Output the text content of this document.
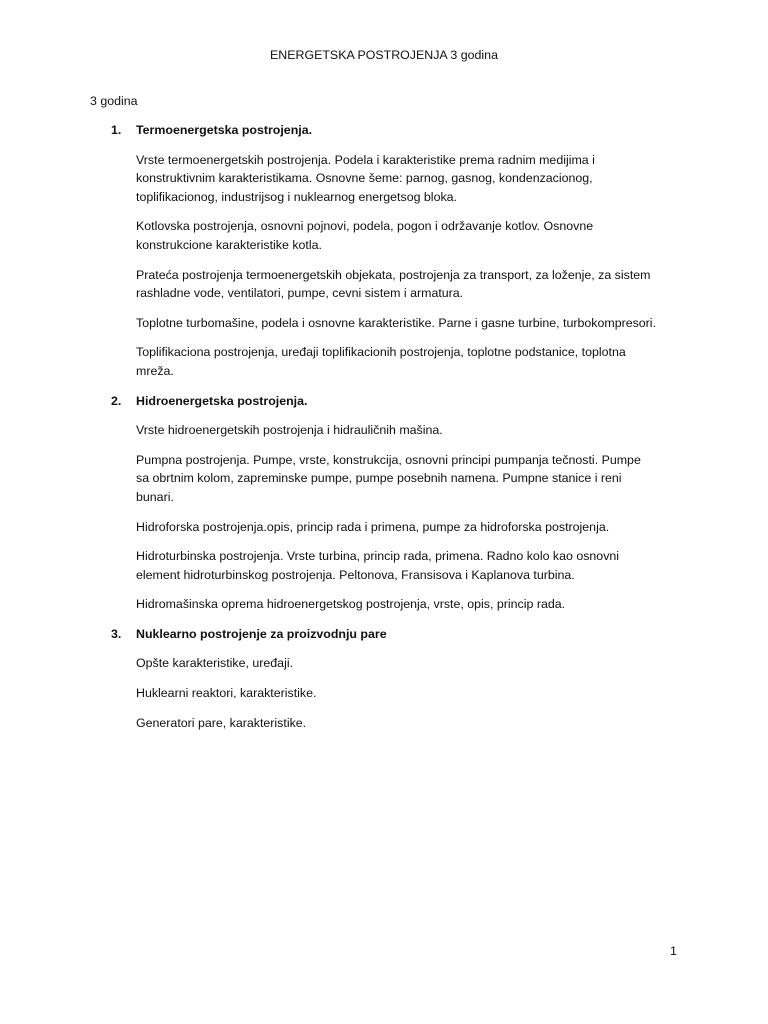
ENERGETSKA POSTROJENJA 3 godina
3 godina
1. Termoenergetska postrojenja.

Vrste termoenergetskih postrojenja. Podela i karakteristike prema radnim medijima i konstruktivnim karakteristikama. Osnovne šeme: parnog, gasnog, kondenzacionog, toplifikacionog, industrijsog i nuklearnog energetsog bloka.

Kotlovska postrojenja, osnovni pojnovi, podela, pogon i održavanje kotlov. Osnovne konstrukcione karakteristike kotla.

Prateća postrojenja termoenergetskih objekata, postrojenja za transport, za loženje, za sistem rashladne vode, ventilatori, pumpe, cevni sistem i armatura.

Toplotne turbomašine, podela i osnovne karakteristike. Parne i gasne turbine, turbokompresori.

Toplifikaciona postrojenja, uređaji toplifikacionih postrojenja, toplotne podstanice, toplotna mreža.

2. Hidroenergetska postrojenja.

Vrste hidroenergetskih postrojenja i hidrauličnih mašina.

Pumpna postrojenja. Pumpe, vrste, konstrukcija, osnovni principi pumpanja tečnosti. Pumpe sa obrtnim kolom, zapreminske pumpe, pumpe posebnih namena. Pumpne stanice i reni bunari.

Hidroforska postrojenja.opis, princip rada i primena, pumpe za hidroforska postrojenja.

Hidroturbinska postrojenja. Vrste turbina, princip rada, primena. Radno kolo kao osnovni element hidroturbinskog postrojenja. Peltonova, Fransisova i Kaplanova turbina.

Hidromašinska oprema hidroenergetskog postrojenja, vrste, opis, princip rada.

3. Nuklearno postrojenje za proizvodnju pare

Opšte karakteristike, uređaji.

Huklearni reaktori, karakteristike.

Generatori pare, karakteristike.

1
